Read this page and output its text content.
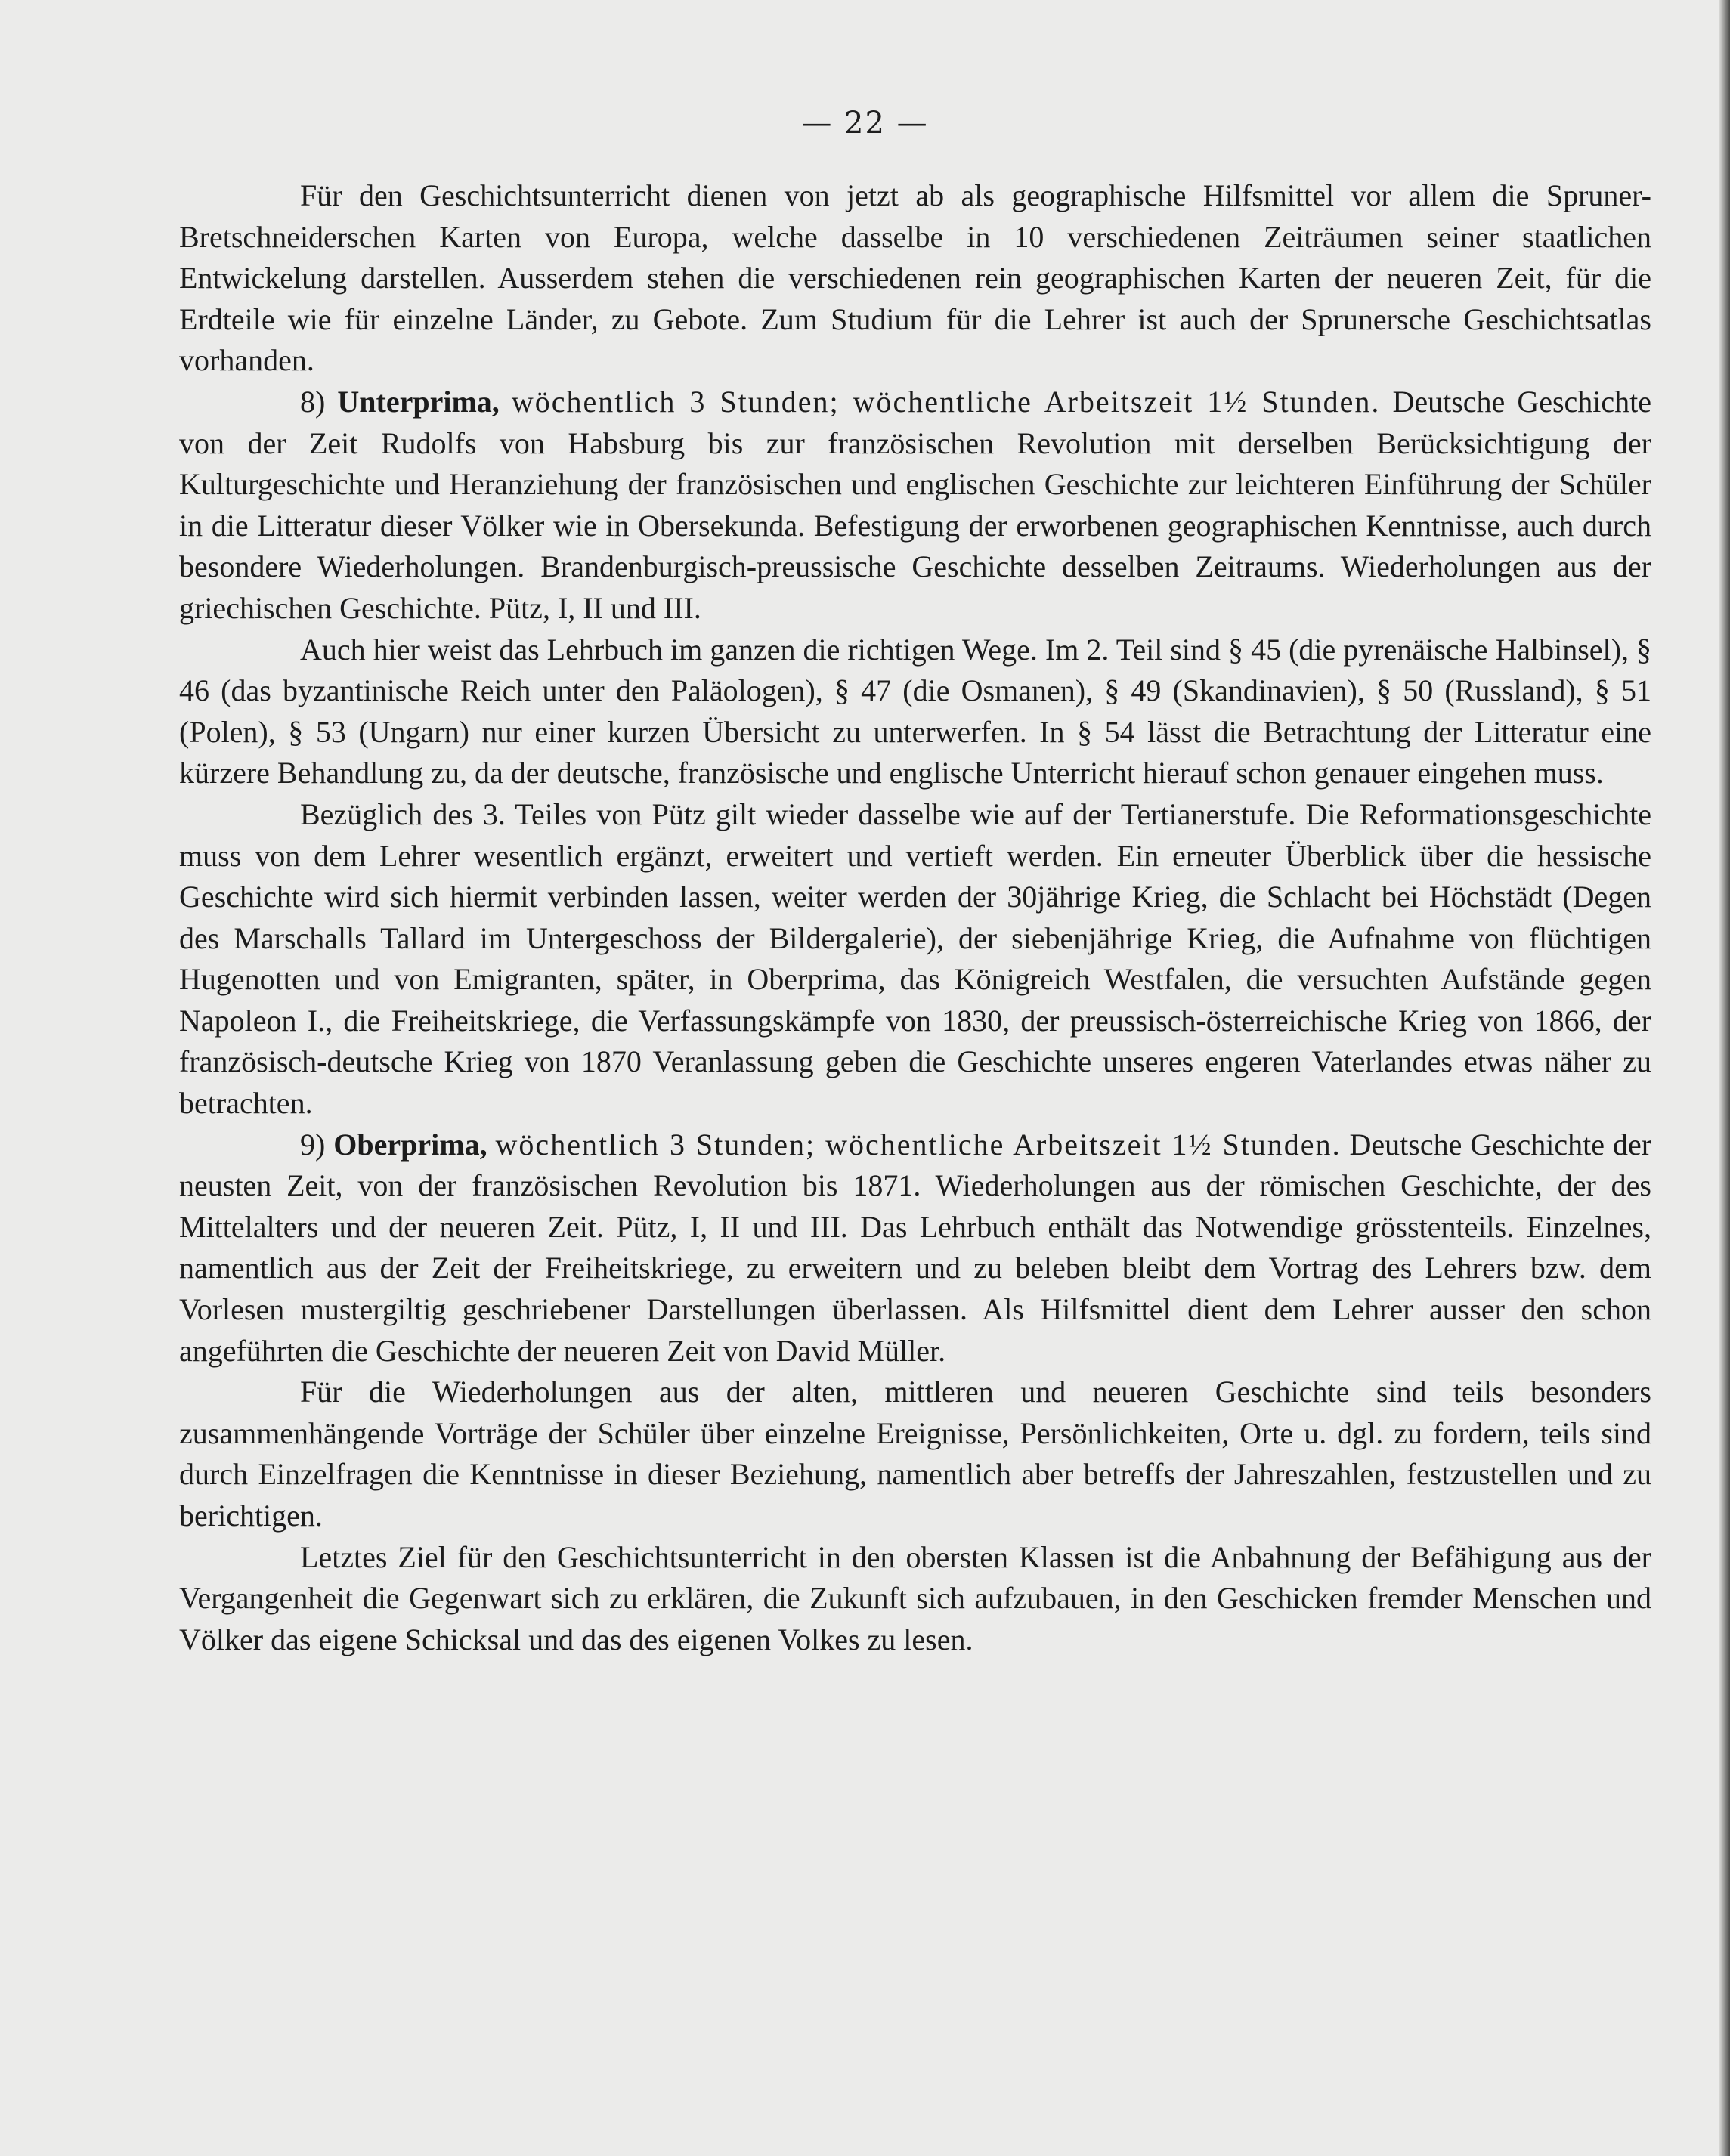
— 22 —

Für den Geschichtsunterricht dienen von jetzt ab als geographische Hilfsmittel vor allem die Spruner-Bretschneiderschen Karten von Europa, welche dasselbe in 10 verschiedenen Zeiträumen seiner staatlichen Entwickelung darstellen. Ausserdem stehen die verschiedenen rein geographischen Karten der neueren Zeit, für die Erdteile wie für einzelne Länder, zu Gebote. Zum Studium für die Lehrer ist auch der Sprunersche Geschichtsatlas vorhanden.

8) Unterprima, wöchentlich 3 Stunden; wöchentliche Arbeitszeit 1½ Stunden. Deutsche Geschichte von der Zeit Rudolfs von Habsburg bis zur französischen Revolution mit derselben Berücksichtigung der Kulturgeschichte und Heranziehung der französischen und englischen Geschichte zur leichteren Einführung der Schüler in die Litteratur dieser Völker wie in Obersekunda. Befestigung der erworbenen geographischen Kenntnisse, auch durch besondere Wiederholungen. Brandenburgisch-preussische Geschichte desselben Zeitraums. Wiederholungen aus der griechischen Geschichte. Pütz, I, II und III.

Auch hier weist das Lehrbuch im ganzen die richtigen Wege. Im 2. Teil sind § 45 (die pyrenäische Halbinsel), § 46 (das byzantinische Reich unter den Paläologen), § 47 (die Osmanen), § 49 (Skandinavien), § 50 (Russland), § 51 (Polen), § 53 (Ungarn) nur einer kurzen Übersicht zu unterwerfen. In § 54 lässt die Betrachtung der Litteratur eine kürzere Behandlung zu, da der deutsche, französische und englische Unterricht hierauf schon genauer eingehen muss.

Bezüglich des 3. Teiles von Pütz gilt wieder dasselbe wie auf der Tertianerstufe. Die Reformationsgeschichte muss von dem Lehrer wesentlich ergänzt, erweitert und vertieft werden. Ein erneuter Überblick über die hessische Geschichte wird sich hiermit verbinden lassen, weiter werden der 30jährige Krieg, die Schlacht bei Höchstädt (Degen des Marschalls Tallard im Untergeschoss der Bildergalerie), der siebenjährige Krieg, die Aufnahme von flüchtigen Hugenotten und von Emigranten, später, in Oberprima, das Königreich Westfalen, die versuchten Aufstände gegen Napoleon I., die Freiheitskriege, die Verfassungskämpfe von 1830, der preussisch-österreichische Krieg von 1866, der französisch-deutsche Krieg von 1870 Veranlassung geben die Geschichte unseres engeren Vaterlandes etwas näher zu betrachten.

9) Oberprima, wöchentlich 3 Stunden; wöchentliche Arbeitszeit 1½ Stunden. Deutsche Geschichte der neusten Zeit, von der französischen Revolution bis 1871. Wiederholungen aus der römischen Geschichte, der des Mittelalters und der neueren Zeit. Pütz, I, II und III. Das Lehrbuch enthält das Notwendige grösstenteils. Einzelnes, namentlich aus der Zeit der Freiheitskriege, zu erweitern und zu beleben bleibt dem Vortrag des Lehrers bzw. dem Vorlesen mustergiltig geschriebener Darstellungen überlassen. Als Hilfsmittel dient dem Lehrer ausser den schon angeführten die Geschichte der neueren Zeit von David Müller.

Für die Wiederholungen aus der alten, mittleren und neueren Geschichte sind teils besonders zusammenhängende Vorträge der Schüler über einzelne Ereignisse, Persönlichkeiten, Orte u. dgl. zu fordern, teils sind durch Einzelfragen die Kenntnisse in dieser Beziehung, namentlich aber betreffs der Jahreszahlen, festzustellen und zu berichtigen.

Letztes Ziel für den Geschichtsunterricht in den obersten Klassen ist die Anbahnung der Befähigung aus der Vergangenheit die Gegenwart sich zu erklären, die Zukunft sich aufzubauen, in den Geschicken fremder Menschen und Völker das eigene Schicksal und das des eigenen Volkes zu lesen.
